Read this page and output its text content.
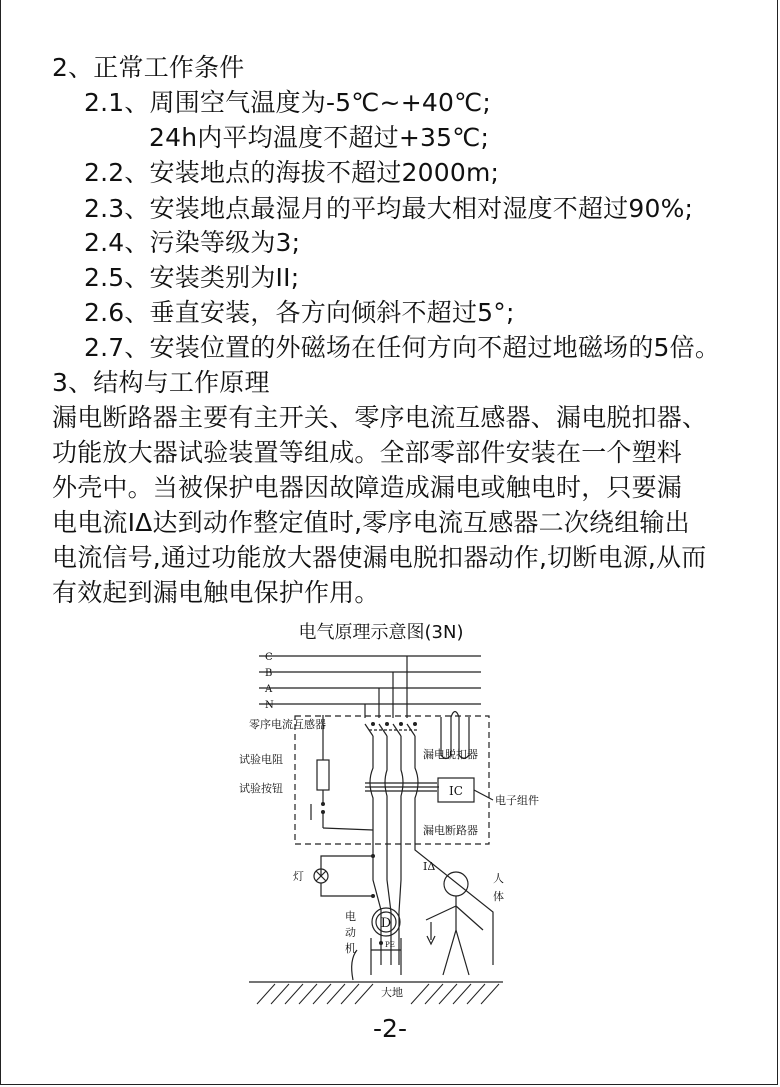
2、正常工作条件
2.1、周围空气温度为-5℃~+40℃;
24h内平均温度不超过+35℃;
2.2、安装地点的海拔不超过2000m;
2.3、安装地点最湿月的平均最大相对湿度不超过90%;
2.4、污染等级为3;
2.5、安装类别为II;
2.6、垂直安装，各方向倾斜不超过5°;
2.7、安装位置的外磁场在任何方向不超过地磁场的5倍。
3、结构与工作原理
漏电断路器主要有主开关、零序电流互感器、漏电脱扣器、
功能放大器试验装置等组成。全部零部件安装在一个塑料
外壳中。当被保护电器因故障造成漏电或触电时，只要漏
电电流IΔ达到动作整定值时,零序电流互感器二次绕组输出
电流信号,通过功能放大器使漏电脱扣器动作,切断电源,从而
有效起到漏电触电保护作用。
电气原理示意图(3N)
C
B
A
N
零序电流互感器
试验电阻
试验按钮
漏电脱扣器
IC
电子组件
漏电断路器
灯
IΔ
人
体
电
动
机
D
PE
大地
-2-
